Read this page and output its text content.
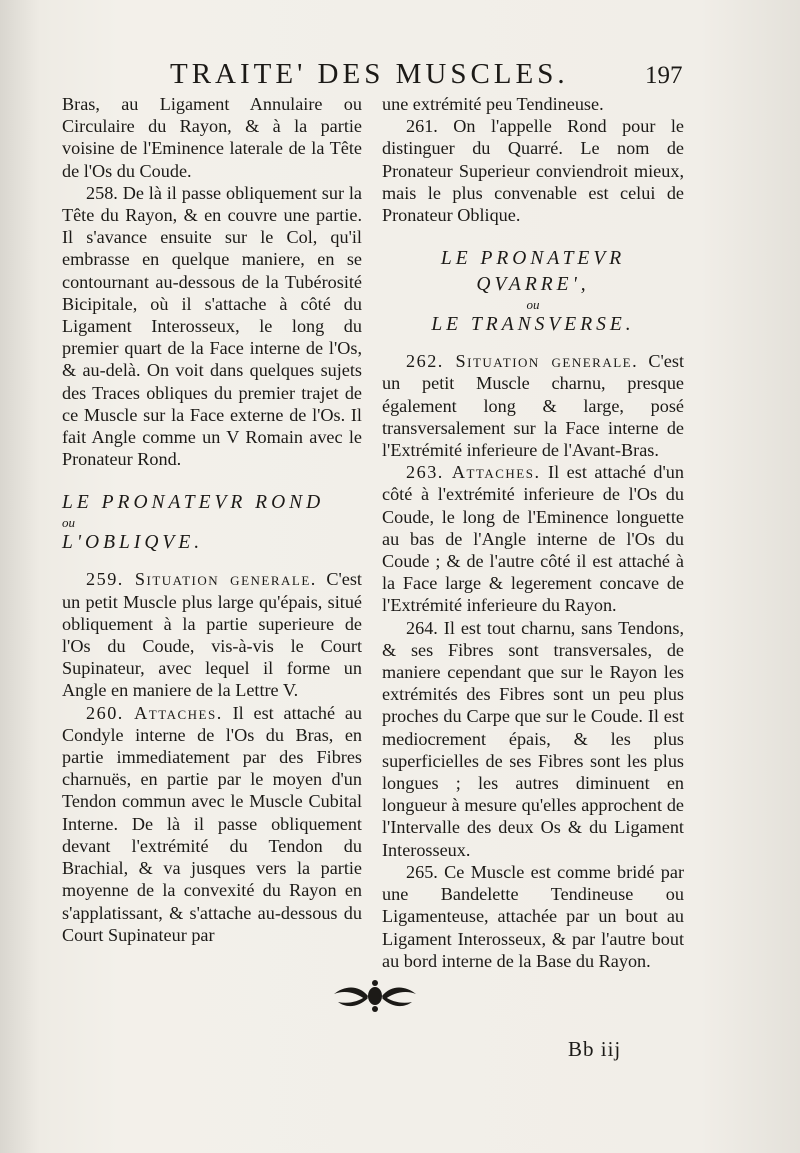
TRAITE' DES MUSCLES.	197

Bras, au Ligament Annulaire ou Circulaire du Rayon, & à la partie voisine de l'Eminence laterale de la Tête de l'Os du Coude.

258. De là il passe obliquement sur la Tête du Rayon, & en couvre une partie. Il s'avance ensuite sur le Col, qu'il embrasse en quelque maniere, en se contournant au-dessous de la Tubérosité Bicipitale, où il s'attache à côté du Ligament Interosseux, le long du premier quart de la Face interne de l'Os, & au-delà. On voit dans quelques sujets des Traces obliques du premier trajet de ce Muscle sur la Face externe de l'Os. Il fait Angle comme un V Romain avec le Pronateur Rond.

LE PRONATEVR ROND
ou
L'OBLIQVE.

259. Situation generale. C'est un petit Muscle plus large qu'épais, situé obliquement à la partie superieure de l'Os du Coude, vis-à-vis le Court Supinateur, avec lequel il forme un Angle en maniere de la Lettre V.

260. Attaches. Il est attaché au Condyle interne de l'Os du Bras, en partie immediatement par des Fibres charnuës, en partie par le moyen d'un Tendon commun avec le Muscle Cubital Interne. De là il passe obliquement devant l'extrémité du Tendon du Brachial, & va jusques vers la partie moyenne de la convexité du Rayon en s'applatissant, & s'attache au-dessous du Court Supinateur par

une extrémité peu Tendineuse.

261. On l'appelle Rond pour le distinguer du Quarré. Le nom de Pronateur Superieur conviendroit mieux, mais le plus convenable est celui de Pronateur Oblique.

LE PRONATEVR QVARRE',
ou
LE TRANSVERSE.

262. Situation generale. C'est un petit Muscle charnu, presque également long & large, posé transversalement sur la Face interne de l'Extrémité inferieure de l'Avant-Bras.

263. Attaches. Il est attaché d'un côté à l'extrémité inferieure de l'Os du Coude, le long de l'Eminence longuette au bas de l'Angle interne de l'Os du Coude ; & de l'autre côté il est attaché à la Face large & legerement concave de l'Extrémité inferieure du Rayon.

264. Il est tout charnu, sans Tendons, & ses Fibres sont transversales, de maniere cependant que sur le Rayon les extrémités des Fibres sont un peu plus proches du Carpe que sur le Coude. Il est mediocrement épais, & les plus superficielles de ses Fibres sont les plus longues ; les autres diminuent en longueur à mesure qu'elles approchent de l'Intervalle des deux Os & du Ligament Interosseux.

265. Ce Muscle est comme bridé par une Bandelette Tendineuse ou Ligamenteuse, attachée par un bout au Ligament Interosseux, & par l'autre bout au bord interne de la Base du Rayon.

Bb iij
